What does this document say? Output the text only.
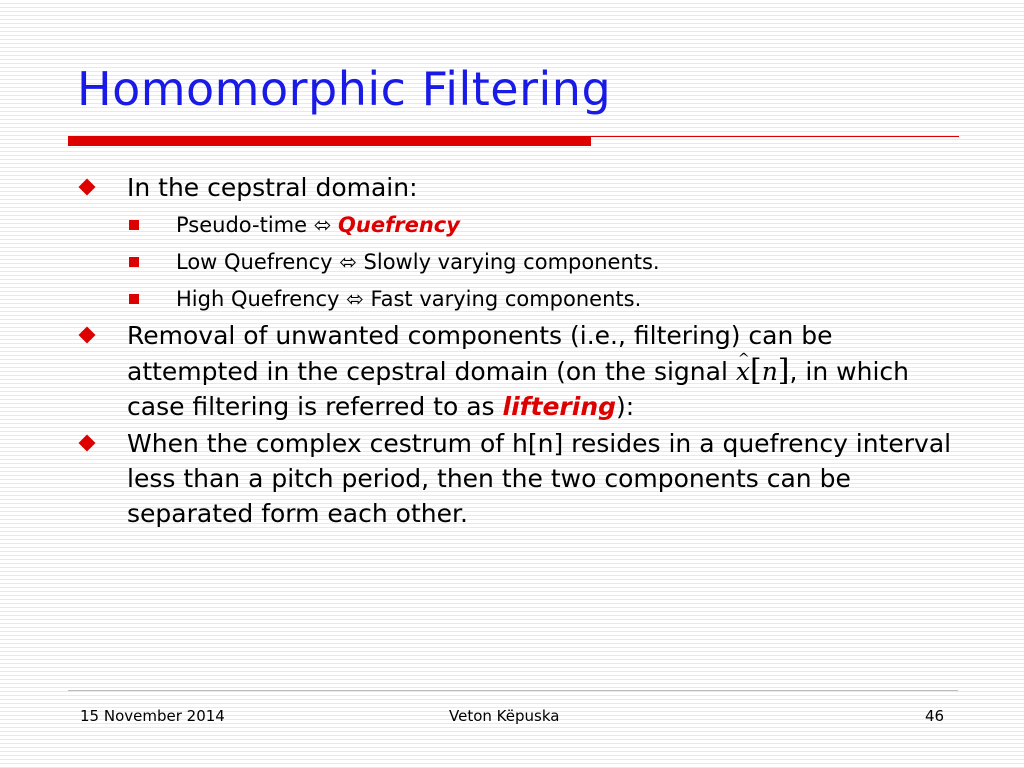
Homomorphic Filtering
In the cepstral domain:
Pseudo-time ⬄ Quefrency
Low Quefrency ⬄ Slowly varying components.
High Quefrency ⬄ Fast varying components.
Removal of unwanted components (i.e., filtering) can be attempted in the cepstral domain (on the signal ^ x[n], in which case filtering is referred to as liftering):
When the complex cestrum of h[n] resides in a quefrency interval less than a pitch period, then the two components can be separated form each other.
15 November 2014	Veton Këpuska	46
